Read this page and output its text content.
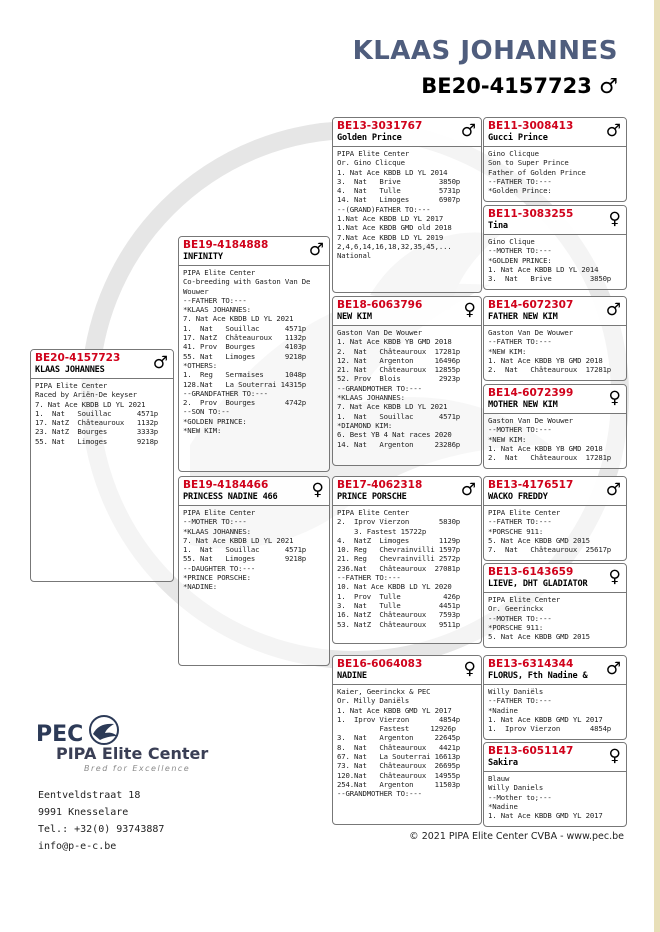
KLAAS JOHANNES
BE20-4157723 ♂
BE20-4157723
KLAAS JOHANNES	♂
PIPA Elite Center
Raced by Ariën-De keyser
7. Nat Ace KBDB LD YL 2021
1.  Nat   Souillac      4571p
17. NatZ  Châteauroux   1132p
23. NatZ  Bourges       3333p
55. Nat   Limoges       9218p
BE19-4184888
INFINITY	♂
PIPA Elite Center
Co-breeding with Gaston Van De
Wouwer
--FATHER TO:---
*KLAAS JOHANNES:
7. Nat Ace KBDB LD YL 2021
1.  Nat   Souillac      4571p
17. NatZ  Châteauroux   1132p
41. Prov  Bourges       4103p
55. Nat   Limoges       9218p
*OTHERS:
1.  Reg   Sermaises     1048p
128.Nat   La Souterrai 14315p
--GRANDFATHER TO:---
2.  Prov  Bourges       4742p
--SON TO:--
*GOLDEN PRINCE:
*NEW KIM:
BE19-4184466
PRINCESS NADINE 466 ♀
PIPA Elite Center
--MOTHER TO:---
*KLAAS JOHANNES:
7. Nat Ace KBDB LD YL 2021
1.  Nat   Souillac      4571p
55. Nat   Limoges       9218p
--DAUGHTER TO:---
*PRINCE PORSCHE:
*NADINE:
BE13-3031767
Golden Prince	♂
PIPA Elite Center
Or. Gino Clicque
1. Nat Ace KBDB LD YL 2014
3.  Nat   Brive         3850p
4.  Nat   Tulle         5731p
14. Nat   Limoges       6907p
--(GRAND)FATHER TO:---
1.Nat Ace KBDB LD YL 2017
1.Nat Ace KBDB GMD old 2018
7.Nat Ace KBDB LD YL 2019
2,4,6,14,16,18,32,35,45,...
National
BE18-6063796
NEW KIM	♀
Gaston Van De Wouwer
1. Nat Ace KBDB YB GMD 2018
2.  Nat   Châteauroux  17281p
12. Nat   Argenton     16496p
21. Nat   Châteauroux  12855p
52. Prov  Blois         2923p
--GRANDMOTHER TO:---
*KLAAS JOHANNES:
7. Nat Ace KBDB LD YL 2021
1.  Nat   Souillac      4571p
*DIAMOND KIM:
6. Best YB 4 Nat races 2020
14. Nat   Argenton     23286p
BE17-4062318
PRINCE PORSCHE	♂
PIPA Elite Center
2.  Iprov Vierzon       5830p
3. Fastest 15722p
4.  NatZ  Limoges       1129p
10. Reg   Chevrainvilli 1597p
21. Reg   Chevrainvilli 2572p
236.Nat   Châteauroux  27081p
--FATHER TO:---
10. Nat Ace KBDB LD YL 2020
1.  Prov  Tulle          426p
3.  Nat   Tulle         4451p
16. NatZ  Châteauroux   7593p
53. NatZ  Châteauroux   9511p
BE16-6064083
NADINE	♀
Kaier, Geerinckx & PEC
Or. Milly Daniëls
1. Nat Ace KBDB GMD YL 2017
1.  Iprov Vierzon       4854p
Fastest     12926p
3.  Nat   Argenton     22645p
8.  Nat   Châteauroux   4421p
67. Nat   La Souterrai 16613p
73. Nat   Châteauroux  26695p
120.Nat   Châteauroux  14955p
254.Nat   Argenton     11503p
--GRANDMOTHER TO:---
BE11-3008413
Gucci Prince	♂
Gino Clicque
Son to Super Prince
Father of Golden Prince
--FATHER TO:---
*Golden Prince:
BE11-3083255
Tina	♀
Gino Clique
--MOTHER TO:---
*GOLDEN PRINCE:
1. Nat Ace KBDB LD YL 2014
3.  Nat   Brive         3850p
BE14-6072307
FATHER NEW KIM	♂
Gaston Van De Wouwer
--FATHER TO:---
*NEW KIM:
1. Nat Ace KBDB YB GMD 2018
2.  Nat   Châteauroux  17281p
BE14-6072399
MOTHER NEW KIM	♀
Gaston Van De Wouwer
--MOTHER TO:---
*NEW KIM:
1. Nat Ace KBDB YB GMD 2018
2.  Nat   Châteauroux  17281p
BE13-4176517
WACKO FREDDY	♂
PIPA Elite Center
--FATHER TO:---
*PORSCHE 911:
5. Nat Ace KBDB GMD 2015
7.  Nat   Châteauroux  25617p
BE13-6143659
LIEVE, DHT GLADIATOR ♀
PIPA Elite Center
Or. Geerinckx
--MOTHER TO:---
*PORSCHE 911:
5. Nat Ace KBDB GMD 2015
BE13-6314344
FLORUS, Fth Nadine & ♂
Willy Daniëls
--FATHER TO:---
*Nadine
1. Nat Ace KBDB GMD YL 2017
1.  Iprov Vierzon       4854p
BE13-6051147
Sakira	♀
Blauw
Willy Daniels
--Mother to;---
*Nadine
1. Nat Ace KBDB GMD YL 2017
PEC
PIPA Elite Center
Bred for Excellence
Eentveldstraat 18
9991 Knesselare
Tel.: +32(0) 93743887
info@p-e-c.be
© 2021 PIPA Elite Center CVBA - www.pec.be
